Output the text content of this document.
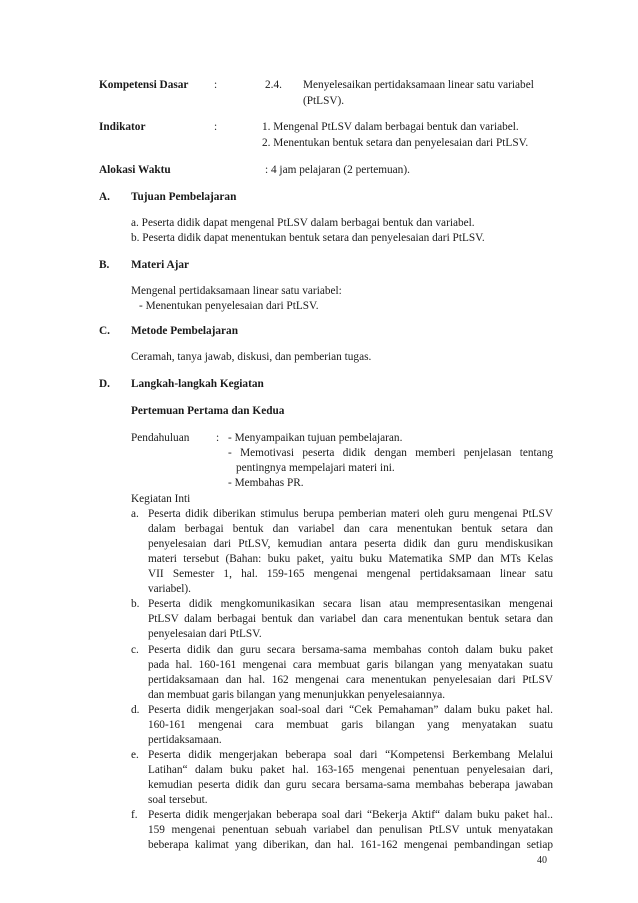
Kompetensi Dasar :	2.4. Menyelesaikan pertidaksamaan linear satu variabel
(PtLSV).
Indikator	:	1. Mengenal PtLSV dalam berbagai bentuk dan variabel.
2. Menentukan bentuk setara dan penyelesaian dari PtLSV.
Alokasi Waktu	: 4 jam pelajaran (2 pertemuan).
A. Tujuan Pembelajaran
a. Peserta didik dapat mengenal PtLSV dalam berbagai bentuk dan variabel.
b. Peserta didik dapat menentukan bentuk setara dan penyelesaian dari PtLSV.
B. Materi Ajar
Mengenal pertidaksamaan linear satu variabel:
- Menentukan penyelesaian dari PtLSV.
C. Metode Pembelajaran
Ceramah, tanya jawab, diskusi, dan pemberian tugas.
D. Langkah-langkah Kegiatan
Pertemuan Pertama dan Kedua
Pendahuluan : - Menyampaikan tujuan pembelajaran.
- Memotivasi peserta didik dengan memberi penjelasan tentang
pentingnya mempelajari materi ini.
- Membahas PR.
Kegiatan Inti
a. Peserta didik diberikan stimulus berupa pemberian materi oleh guru mengenai PtLSV
dalam berbagai bentuk dan variabel dan cara menentukan bentuk setara dan
penyelesaian dari PtLSV, kemudian antara peserta didik dan guru mendiskusikan
materi tersebut (Bahan: buku paket, yaitu buku Matematika SMP dan MTs Kelas
VII Semester 1, hal. 159-165 mengenai mengenal pertidaksamaan linear satu
variabel).
b. Peserta didik mengkomunikasikan secara lisan atau mempresentasikan mengenai
PtLSV dalam berbagai bentuk dan variabel dan cara menentukan bentuk setara dan
penyelesaian dari PtLSV.
c. Peserta didik dan guru secara bersama-sama membahas contoh dalam buku paket
pada hal. 160-161 mengenai cara membuat garis bilangan yang menyatakan suatu
pertidaksamaan dan hal. 162 mengenai cara menentukan penyelesaian dari PtLSV
dan membuat garis bilangan yang menunjukkan penyelesaiannya.
d. Peserta didik mengerjakan soal-soal dari “Cek Pemahaman” dalam buku paket hal.
160-161 mengenai cara membuat garis bilangan yang menyatakan suatu
pertidaksamaan.
e. Peserta didik mengerjakan beberapa soal dari “Kompetensi Berkembang Melalui
Latihan“ dalam buku paket hal. 163-165 mengenai penentuan penyelesaian dari,
kemudian peserta didik dan guru secara bersama-sama membahas beberapa jawaban
soal tersebut.
f. Peserta didik mengerjakan beberapa soal dari “Bekerja Aktif“ dalam buku paket hal..
159 mengenai penentuan sebuah variabel dan penulisan PtLSV untuk menyatakan
beberapa kalimat yang diberikan, dan hal. 161-162 mengenai pembandingan setiap
40
